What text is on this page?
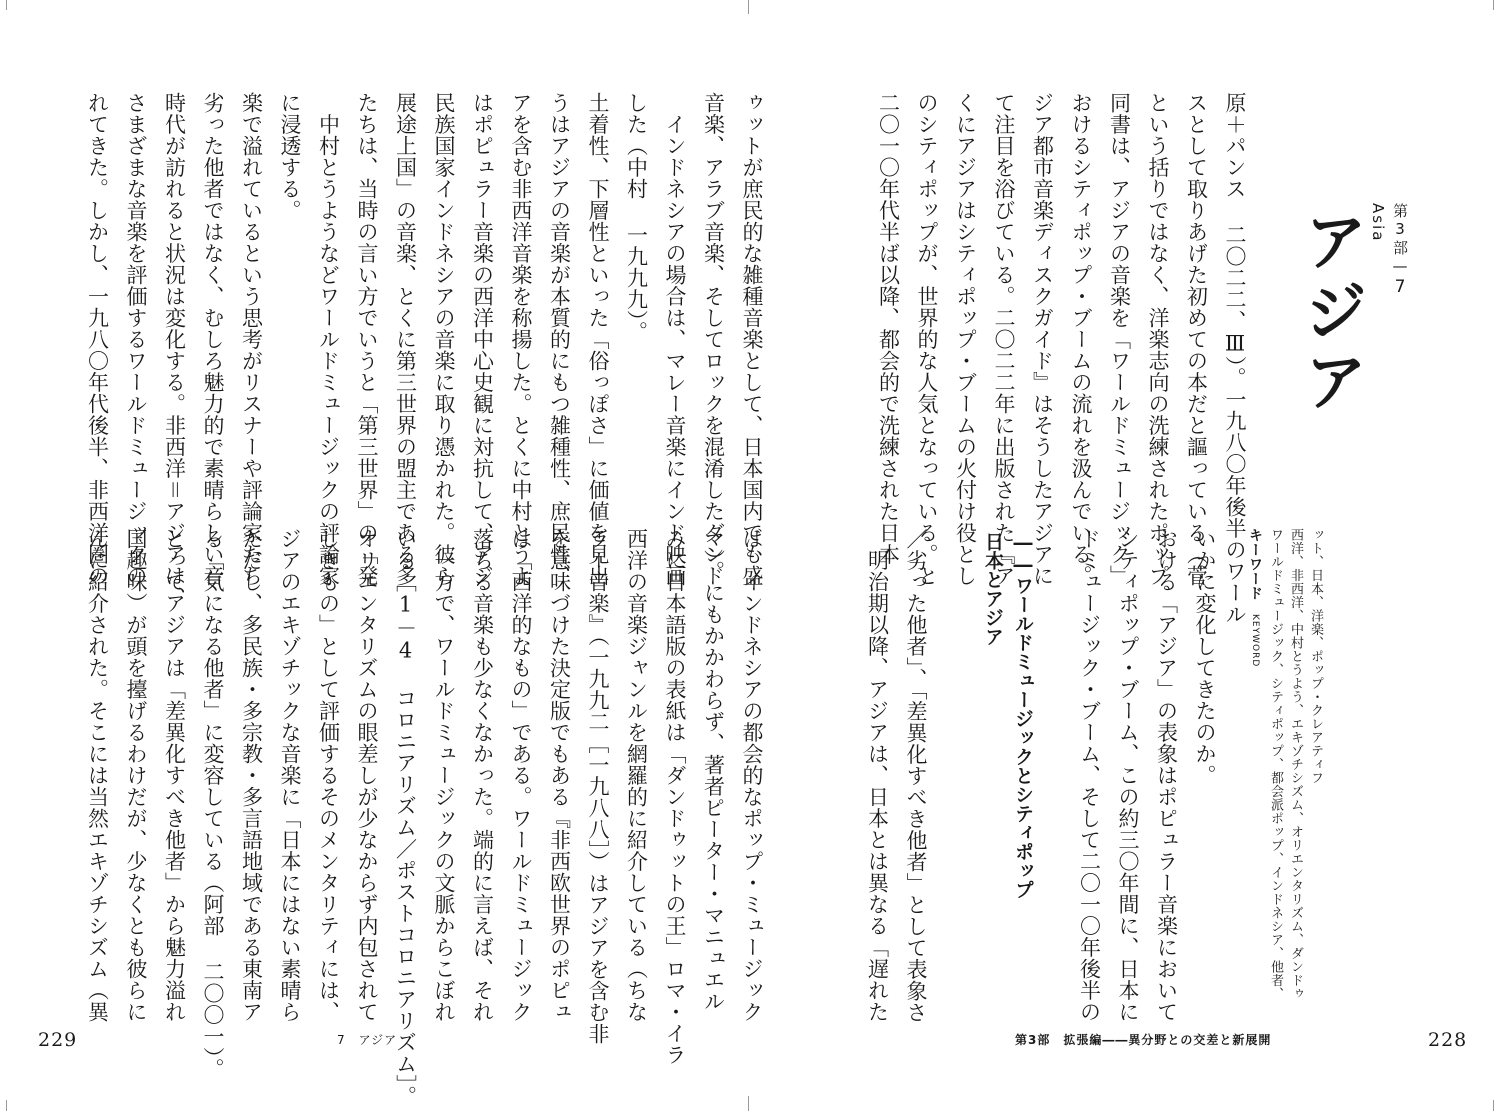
第3部—7　Asia
アジア
原＋パンス 二〇二二、Ⅲ）。一九八〇年後半のワール
スとして取りあげた初めての本だと謳っている（菅
という括りではなく、洋楽志向の洗練されたポップ
同書は、アジアの音楽を「ワールドミュージック」
おけるシティポップ・ブームの流れを汲んでいる。
ジア都市音楽ディスクガイド』はそうしたアジアに
て注目を浴びている。二〇二二年に出版された『ア
くにアジアはシティポップ・ブームの火付け役とし
のシティポップが、世界的な人気となっている。と
二〇一〇年代半ば以降、都会的で洗練された日本
ット、日本、洋楽、ポップ・クレアティフ
西洋、非西洋、中村とうよう、エキゾチシズム、オリエンタリズム、ダンドゥ
ワールドミュージック、シティポップ、都会派ポップ、インドネシア、他者、
キーワード　KEYWORD
いかに変化してきたのか。
おける「アジア」の表象はポピュラー音楽において
シティポップ・ブーム、この約三〇年間に、日本に
ドミュージック・ブーム、そして二〇一〇年後半の
――ワールドミュージックとシティポップ
日本とアジア
／劣った他者」、「差異化すべき他者」として表象さ
　明治期以降、アジアは、日本とは異なる「遅れた
第3部　拡張編――異分野との交差と新展開	228
ゥットが庶民的な雑種音楽として、日本国内でも盛
音楽、アラブ音楽、そしてロックを混淆したダンド
　インドネシアの場合は、マレー音楽にインド映画
した（中村 一九九九）。
土着性、下層性といった「俗っぽさ」に価値を見出
うはアジアの音楽が本質的にもつ雑種性、庶民性、
アを含む非西洋音楽を称揚した。とくに中村とうよ
はポピュラー音楽の西洋中心史観に対抗して、アジ
民族国家インドネシアの音楽に取り憑かれた。彼ら
展途上国」の音楽、とくに第三世界の盟主である多
たちは、当時の言い方でいうと「第三世界」の「発
　中村とうようなどワールドミュージックの評論家
に浸透する。
楽で溢れているという思考がリスナーや評論家たち
劣った他者ではなく、むしろ魅力的で素晴らしい音
時代が訪れると状況は変化する。非西洋＝アジアは、
さまざまな音楽を評価するワールドミュージックの
れてきた。しかし、一九八〇年代後半、非西洋圏の
は、インドネシアの都会的なポップ・ミュージック
マ）。にもかかわらず、著者ピーター・マニュエル
みに日本語版の表紙は「ダンドゥットの王」ロマ・イラ
西洋の音楽ジャンルを網羅的に紹介している（ちな
ラー音楽』（一九九二［一九八八］）はアジアを含む非
を意味づけた決定版でもある『非西欧世界のポピュ
は「西洋的なもの」である。ワールドミュージック
落ちる音楽も少なくなかった。端的に言えば、それ
　一方で、ワールドミュージックの文脈からこぼれ
いる［1－4 コロニアリズム／ポストコロニアリズム］。
オリエンタリズムの眼差しが少なからず内包されて
しきもの」として評価するそのメンタリティには、
ジアのエキゾチックな音楽に「日本にはない素晴ら
ただし、多民族・多宗教・多言語地域である東南ア
る「気になる他者」に変容している（阿部 二〇〇一）。
とってアジアは「差異化すべき他者」から魅力溢れ
国趣味）が頭を擡げるわけだが、少なくとも彼らに
んに紹介された。そこには当然エキゾチシズム（異
229	7　アジア
